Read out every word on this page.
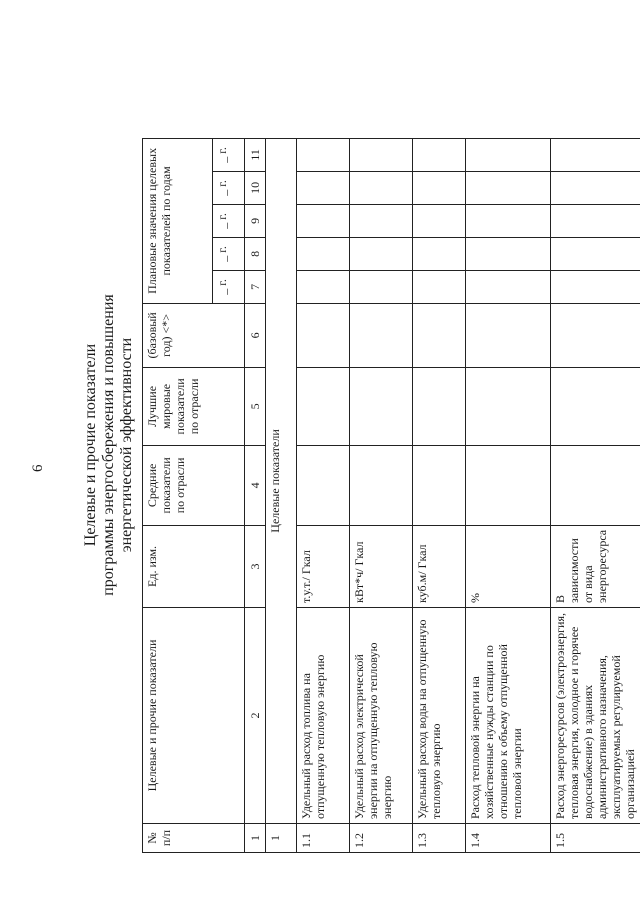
6 Целевые и прочие показатели программы энергосбережения и повышения энергетической эффективности
№ п/п	Целевые и прочие показатели	Ед. изм.	Средние показатели по отрасли	Лучшие мировые показатели по отрасли	(базовый год) <*>	Плановые значения целевых показателей по годам				
						_ г.	_ г.	_ г.	_ г.	_ г.
1	2	3	4	5	6	7	8	9	10	11
1	Целевые показатели									
1.1	Удельный расход топлива на отпущенную тепловую энергию	т.у.т./ Гкал								
1.2	Удельный расход электрической энергии на отпущенную тепловую энергию	кВт*ч/ Гкал								
1.3	Удельный расход воды на отпущенную тепловую энергию	куб.м/ Гкал								
1.4	Расход тепловой энергии на хозяйственные нужды станции по отношению к объему отпущенной тепловой энергии	%								
1.5	Расход энергоресурсов (электроэнергия, тепловая энергия, холодное и горячее водоснабжение) в зданиях административного назначения, эксплуатируемых регулируемой организацией	В зависимости от вида энергоресурса								
